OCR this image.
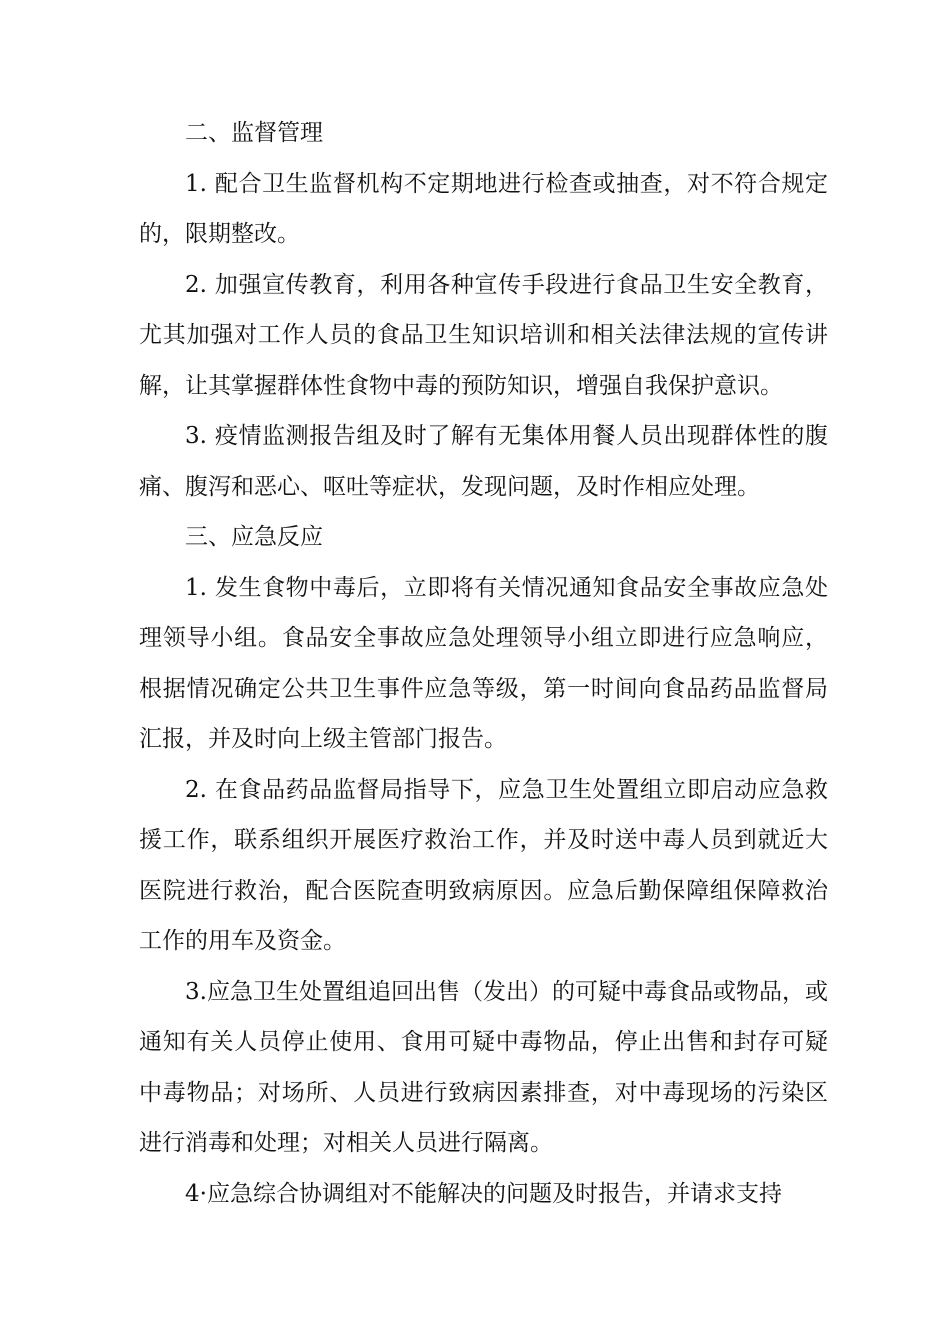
二、监督管理

1. 配合卫生监督机构不定期地进行检查或抽查，对不符合规定的，限期整改。

2. 加强宣传教育，利用各种宣传手段进行食品卫生安全教育，尤其加强对工作人员的食品卫生知识培训和相关法律法规的宣传讲解，让其掌握群体性食物中毒的预防知识，增强自我保护意识。

3. 疫情监测报告组及时了解有无集体用餐人员出现群体性的腹痛、腹泻和恶心、呕吐等症状，发现问题，及时作相应处理。

三、应急反应

1. 发生食物中毒后，立即将有关情况通知食品安全事故应急处理领导小组。食品安全事故应急处理领导小组立即进行应急响应，根据情况确定公共卫生事件应急等级，第一时间向食品药品监督局汇报，并及时向上级主管部门报告。

2. 在食品药品监督局指导下，应急卫生处置组立即启动应急救援工作，联系组织开展医疗救治工作，并及时送中毒人员到就近大医院进行救治，配合医院查明致病原因。应急后勤保障组保障救治工作的用车及资金。

3.应急卫生处置组追回出售（发出）的可疑中毒食品或物品，或通知有关人员停止使用、食用可疑中毒物品，停止出售和封存可疑中毒物品；对场所、人员进行致病因素排查，对中毒现场的污染区进行消毒和处理；对相关人员进行隔离。

4·应急综合协调组对不能解决的问题及时报告，并请求支持
